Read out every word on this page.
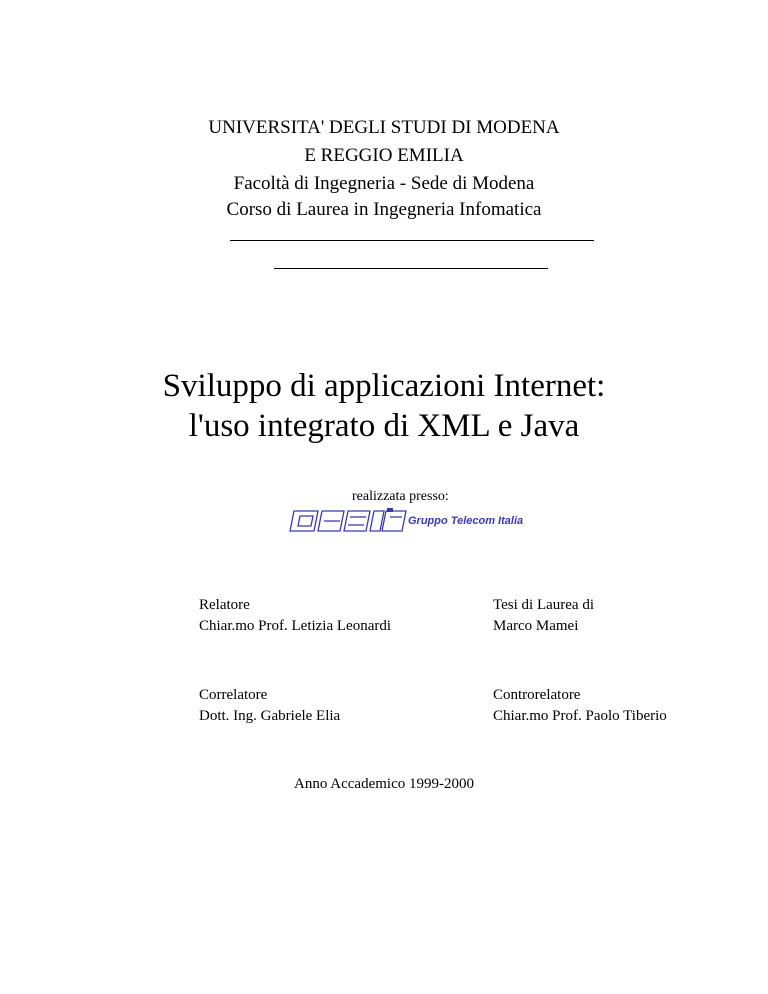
UNIVERSITA' DEGLI STUDI DI MODENA
E REGGIO EMILIA
Facoltà di Ingegneria - Sede di Modena
Corso di Laurea in Ingegneria Infomatica
Sviluppo di applicazioni Internet:
l'uso integrato di XML e Java
realizzata presso:
Gruppo Telecom Italia
Relatore
Chiar.mo Prof. Letizia Leonardi
Tesi di Laurea di
Marco Mamei
Correlatore
Dott. Ing. Gabriele Elia
Controrelatore
Chiar.mo Prof. Paolo Tiberio
Anno Accademico 1999-2000
